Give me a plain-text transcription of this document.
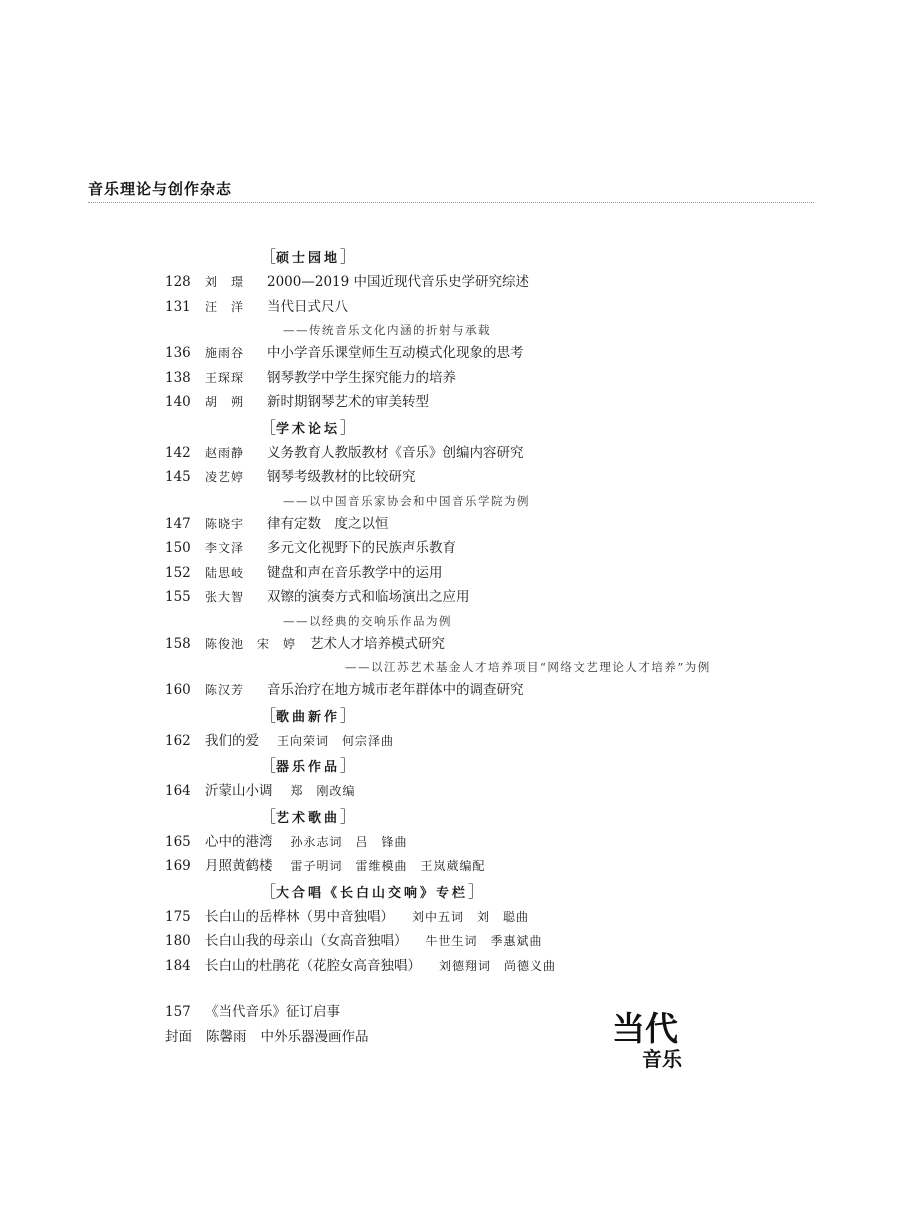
音乐理论与创作杂志
［硕士园地］
128 刘　璟 2000—2019 中国近现代音乐史学研究综述
131 汪　洋 当代日式尺八
——传统音乐文化内涵的折射与承载
136 施雨谷 中小学音乐课堂师生互动模式化现象的思考
138 王琛琛 钢琴教学中学生探究能力的培养
140 胡　朔 新时期钢琴艺术的审美转型
［学术论坛］
142 赵雨静 义务教育人教版教材《音乐》创编内容研究
145 凌艺婷 钢琴考级教材的比较研究
——以中国音乐家协会和中国音乐学院为例
147 陈晓宇 律有定数　度之以恒
150 李文泽 多元文化视野下的民族声乐教育
152 陆思岐 键盘和声在音乐教学中的运用
155 张大智 双镲的演奏方式和临场演出之应用
——以经典的交响乐作品为例
158 陈俊池　宋　婷 艺术人才培养模式研究
——以江苏艺术基金人才培养项目“网络文艺理论人才培养”为例
160 陈汉芳 音乐治疗在地方城市老年群体中的调查研究
［歌曲新作］
162 我们的爱 王向荣词　何宗泽曲
［器乐作品］
164 沂蒙山小调 郑　刚改编
［艺术歌曲］
165 心中的港湾 孙永志词　吕　锋曲
169 月照黄鹤楼 雷子明词　雷维模曲　王岚葳编配
［大合唱《长白山交响》专栏］
175 长白山的岳桦林（男中音独唱） 刘中五词　刘　聪曲
180 长白山我的母亲山（女高音独唱） 牛世生词　季惠斌曲
184 长白山的杜鹃花（花腔女高音独唱） 刘德翔词　尚德义曲
157 《当代音乐》征订启事
封面 陈馨雨 中外乐器漫画作品	当代
音乐
